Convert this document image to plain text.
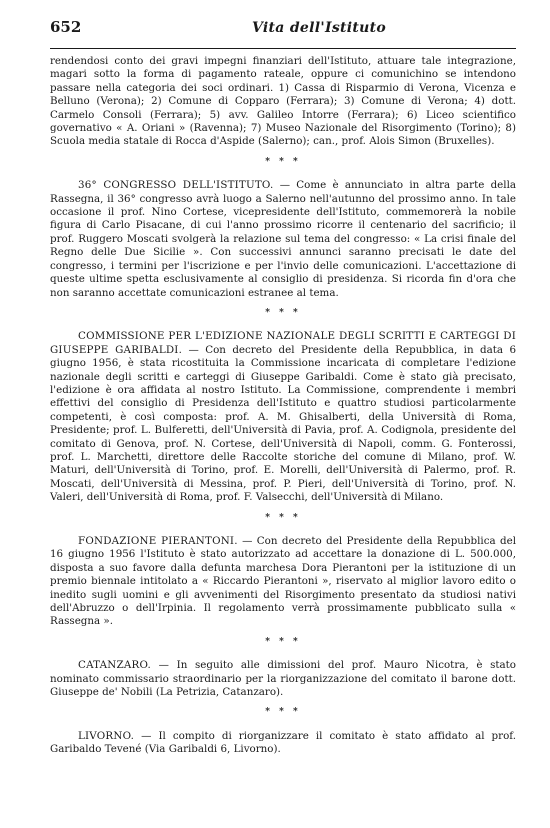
652	Vita dell'Istituto

rendendosi conto dei gravi impegni finanziari dell'Istituto, attuare tale integrazione, magari sotto la forma di pagamento rateale, oppure ci comunichino se intendono passare nella categoria dei soci ordinari. 1) Cassa di Risparmio di Verona, Vicenza e Belluno (Verona); 2) Comune di Copparo (Ferrara); 3) Comune di Verona; 4) dott. Carmelo Consoli (Ferrara); 5) avv. Galileo Intorre (Ferrara); 6) Liceo scientifico governativo « A. Oriani » (Ravenna); 7) Museo Nazionale del Risorgimento (Torino); 8) Scuola media statale di Rocca d'Aspide (Salerno); can., prof. Alois Simon (Bruxelles).

* * *

36° CONGRESSO DELL'ISTITUTO. — Come è annunciato in altra parte della Rassegna, il 36° congresso avrà luogo a Salerno nell'autunno del prossimo anno. In tale occasione il prof. Nino Cortese, vicepresidente dell'Istituto, commemorerà la nobile figura di Carlo Pisacane, di cui l'anno prossimo ricorre il centenario del sacrificio; il prof. Ruggero Moscati svolgerà la relazione sul tema del congresso: « La crisi finale del Regno delle Due Sicilie ». Con successivi annunci saranno precisati le date del congresso, i termini per l'iscrizione e per l'invio delle comunicazioni. L'accettazione di queste ultime spetta esclusivamente al consiglio di presidenza. Si ricorda fin d'ora che non saranno accettate comunicazioni estranee al tema.

* * *

COMMISSIONE PER L'EDIZIONE NAZIONALE DEGLI SCRITTI E CARTEGGI DI GIUSEPPE GARIBALDI. — Con decreto del Presidente della Repubblica, in data 6 giugno 1956, è stata ricostituita la Commissione incaricata di completare l'edizione nazionale degli scritti e carteggi di Giuseppe Garibaldi. Come è stato già precisato, l'edizione è ora affidata al nostro Istituto. La Commissione, comprendente i membri effettivi del consiglio di Presidenza dell'Istituto e quattro studiosi particolarmente competenti, è così composta: prof. A. M. Ghisalberti, della Università di Roma, Presidente; prof. L. Bulferetti, dell'Università di Pavia, prof. A. Codignola, presidente del comitato di Genova, prof. N. Cortese, dell'Università di Napoli, comm. G. Fonterossi, prof. L. Marchetti, direttore delle Raccolte storiche del comune di Milano, prof. W. Maturi, dell'Università di Torino, prof. E. Morelli, dell'Università di Palermo, prof. R. Moscati, dell'Università di Messina, prof. P. Pieri, dell'Università di Torino, prof. N. Valeri, dell'Università di Roma, prof. F. Valsecchi, dell'Università di Milano.

* * *

FONDAZIONE PIERANTONI. — Con decreto del Presidente della Repubblica del 16 giugno 1956 l'Istituto è stato autorizzato ad accettare la donazione di L. 500.000, disposta a suo favore dalla defunta marchesa Dora Pierantoni per la istituzione di un premio biennale intitolato a « Riccardo Pierantoni », riservato al miglior lavoro edito o inedito sugli uomini e gli avvenimenti del Risorgimento presentato da studiosi nativi dell'Abruzzo o dell'Irpinia. Il regolamento verrà prossimamente pubblicato sulla « Rassegna ».

* * *

CATANZARO. — In seguito alle dimissioni del prof. Mauro Nicotra, è stato nominato commissario straordinario per la riorganizzazione del comitato il barone dott. Giuseppe de' Nobili (La Petrizia, Catanzaro).

* * *

LIVORNO. — Il compito di riorganizzare il comitato è stato affidato al prof. Garibaldo Tevené (Via Garibaldi 6, Livorno).
